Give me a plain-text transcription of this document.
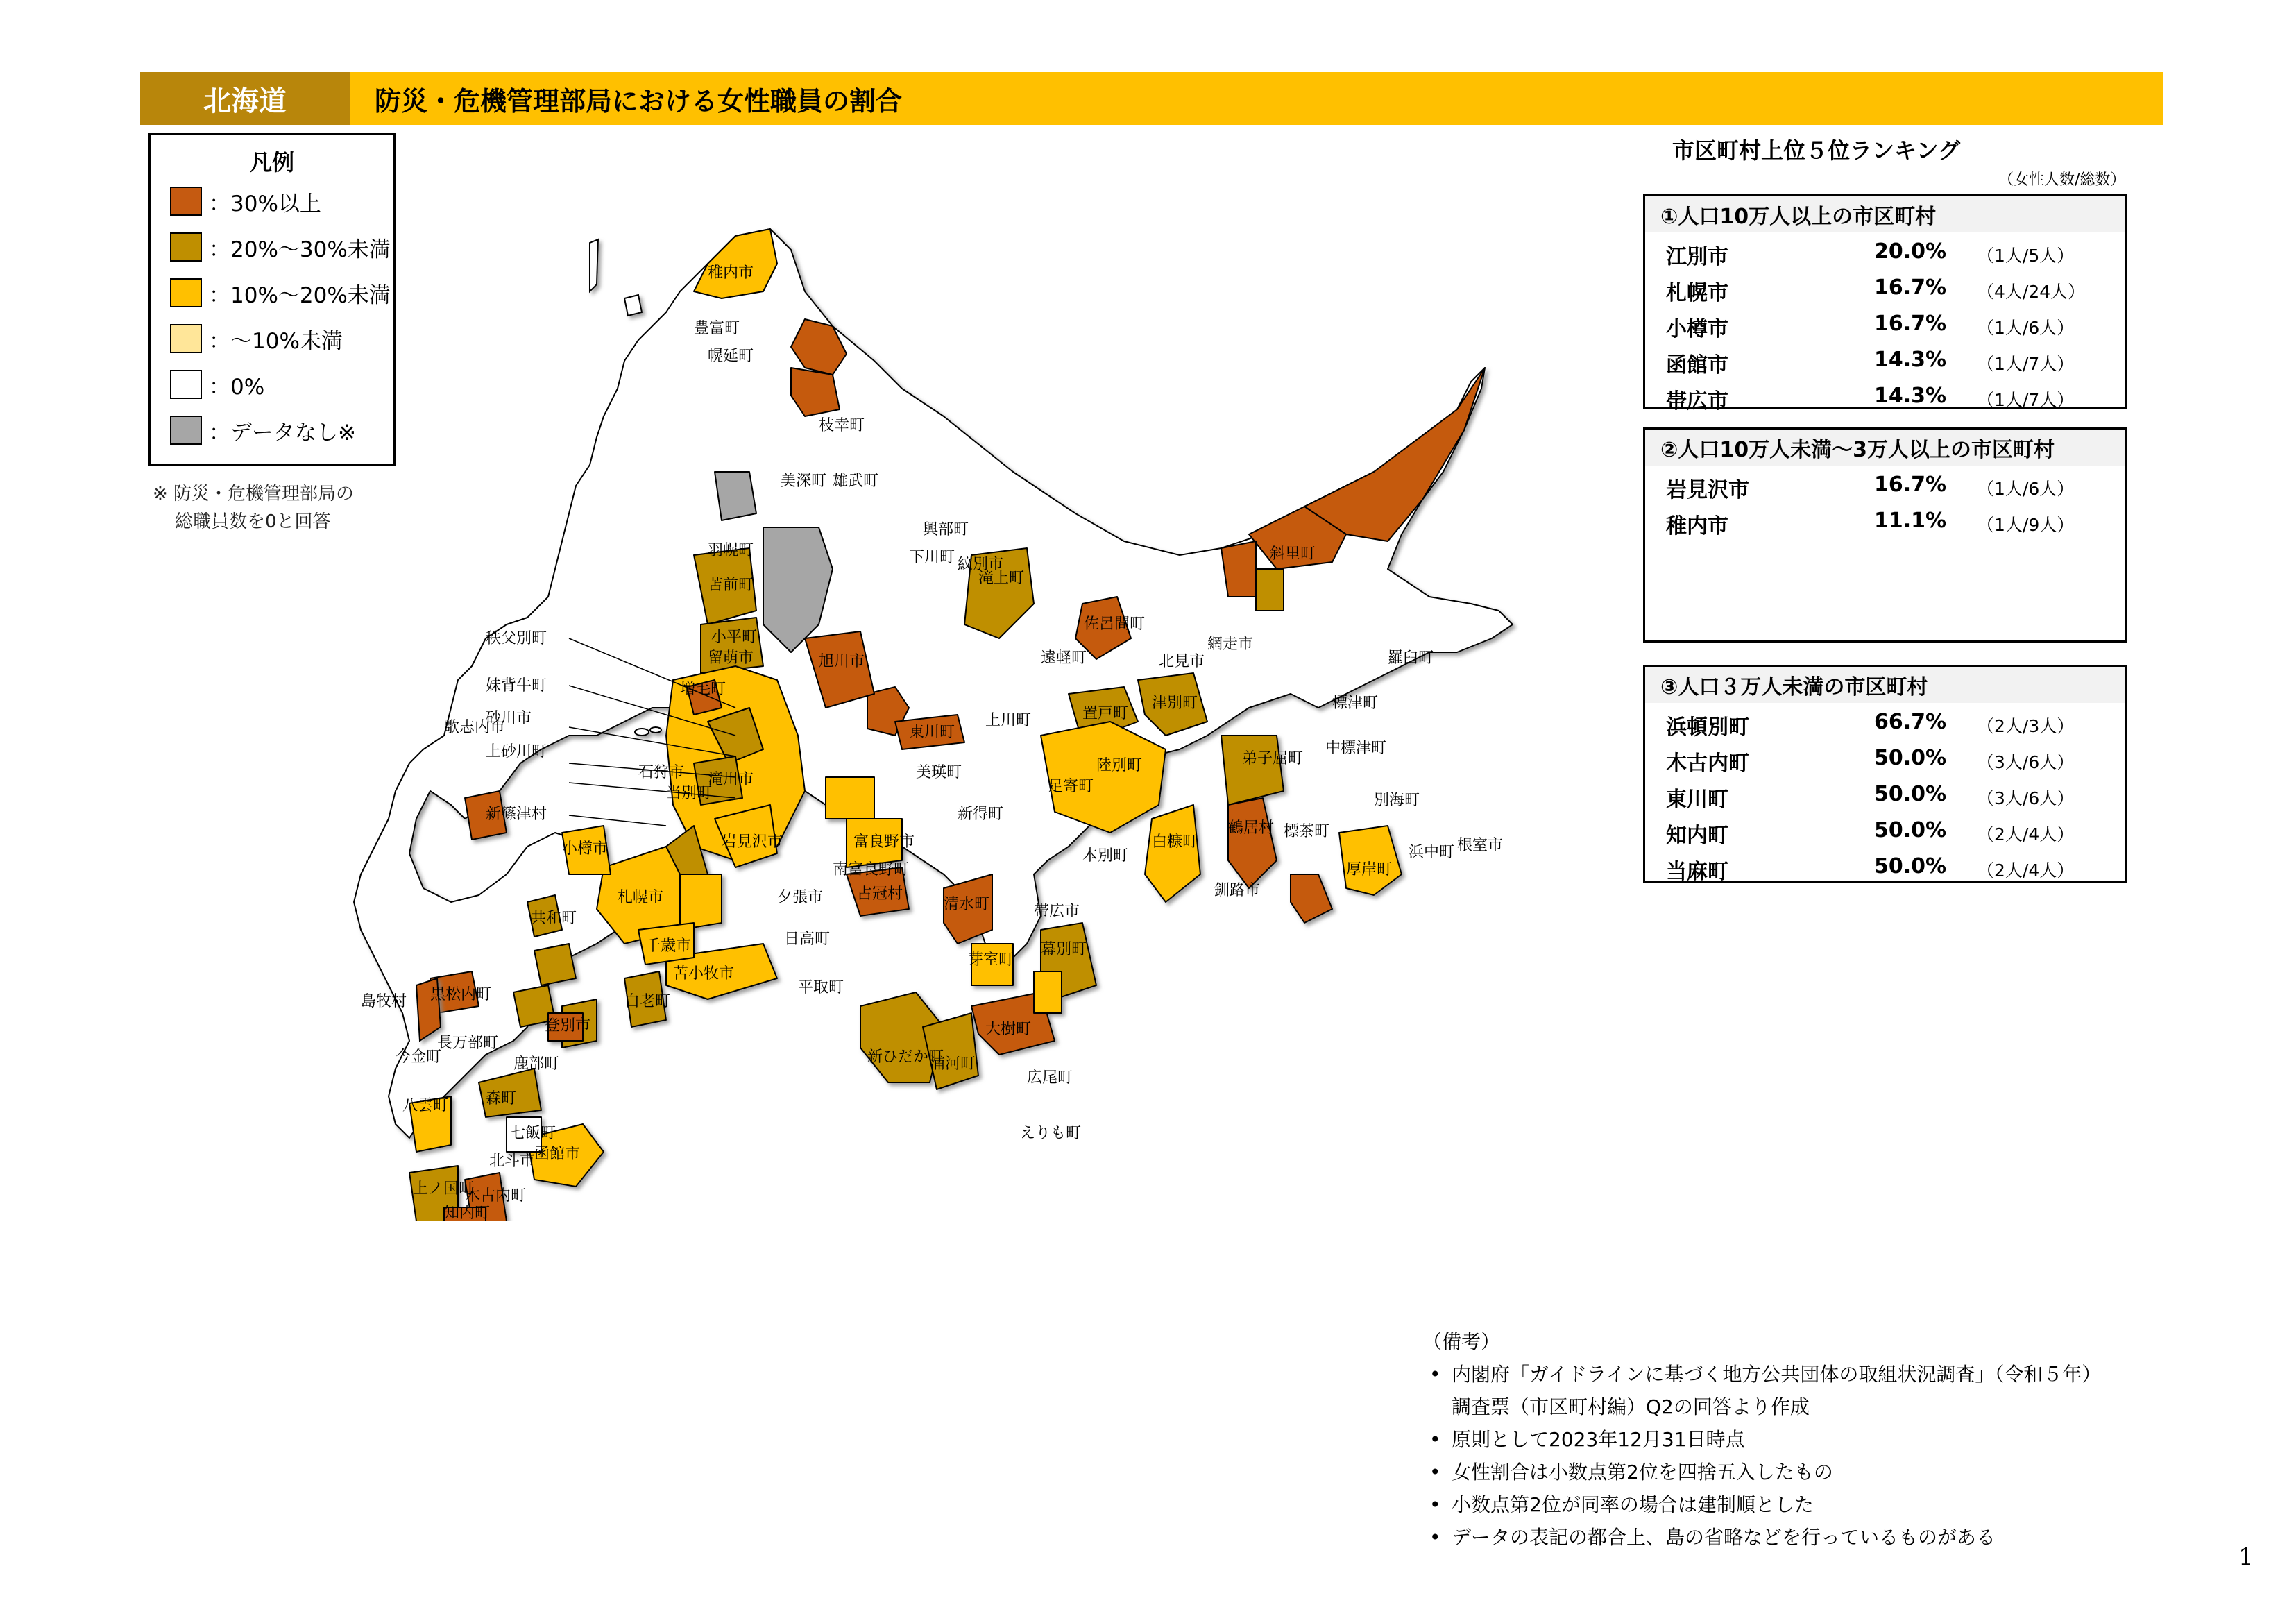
北海道	防災・危機管理部局における女性職員の割合
凡例
：30%以上
：20%～30%未満
：10%～20%未満
：～10%未満
：0%
：データなし※
※ 防災・危機管理部局の
総職員数を0と回答
秩父別町
妹背牛町
歌志内市
砂川市
上砂川町
新篠津村
稚内市
豊富町
幌延町
枝幸町
美深町 雄武町
興部町
下川町 紋別市
滝上町
遠軽町
佐呂間町
北見市
網走市
斜里町
羅臼町
標津町
中標津町
別海町
根室市
浜中町
厚岸町
標茶町
弟子屈町
津別町
置戸町
陸別町
足寄町
本別町
旭川市
東川町
美瑛町
富良野市
占冠村
南富良野町
上川町
新得町
清水町
芽室町
帯広市
幕別町
大樹町
広尾町
浦河町
新ひだか町
日高町
平取町
苫小牧市
千歳市
札幌市
岩見沢市
夕張市
当別町
石狩市 滝川市
羽幌町
苫前町
小平町
留萌市
増毛町
小樽市
共和町
黒松内町
島牧村
長万部町
今金町
八雲町
白老町
登別市
森町
函館市
上ノ国町
木古内町
知内町
北斗市
七飯町
鹿部町
えりも町
釧路市
鶴居村
白糠町
市区町村上位５位ランキング
（女性人数/総数）
①人口10万人以上の市区町村
江別市	20.0% （1人/5人）
札幌市	16.7% （4人/24人）
小樽市	16.7% （1人/6人）
函館市	14.3% （1人/7人）
帯広市	14.3% （1人/7人）
②人口10万人未満～3万人以上の市区町村
岩見沢市	16.7% （1人/6人）
稚内市	11.1% （1人/9人）
③人口３万人未満の市区町村
浜頓別町	66.7% （2人/3人）
木古内町	50.0% （3人/6人）
東川町	50.0% （3人/6人）
知内町	50.0% （2人/4人）
当麻町	50.0% （2人/4人）
（備考）
• 内閣府「ガイドラインに基づく地方公共団体の取組状況調査」（令和５年）
調査票（市区町村編）Q2の回答より作成
• 原則として2023年12月31日時点
• 女性割合は小数点第2位を四捨五入したもの
• 小数点第2位が同率の場合は建制順とした
• データの表記の都合上、島の省略などを行っているものがある
1
